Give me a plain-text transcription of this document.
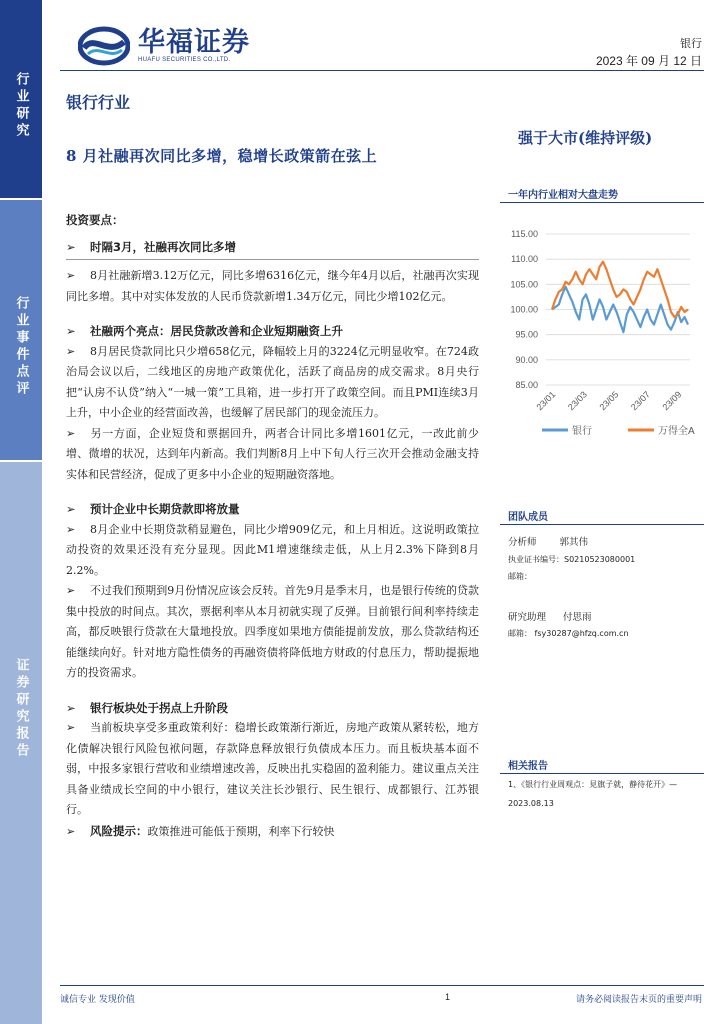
行业研究
行业事件点评
证券研究报告
华福证券
HUAFU SECURITIES CO.,LTD.
银行
2023 年 09 月 12 日
银行行业
8 月社融再次同比多增，稳增长政策箭在弦上
强于大市(维持评级)
投资要点：
➢ 时隔3月，社融再次同比多增
➢ 8月社融新增3.12万亿元，同比多增6316亿元，继今年4月以后，社融再次实现同比多增。其中对实体发放的人民币贷款新增1.34万亿元，同比少增102亿元。
➢ 社融两个亮点：居民贷款改善和企业短期融资上升
➢ 8月居民贷款同比只少增658亿元，降幅较上月的3224亿元明显收窄。在724政治局会议以后，二线地区的房地产政策优化，活跃了商品房的成交需求。8月央行把“认房不认贷”纳入“一城一策”工具箱，进一步打开了政策空间。而且PMI连续3月上升，中小企业的经营面改善，也缓解了居民部门的现金流压力。
➢ 另一方面，企业短贷和票据回升，两者合计同比多增1601亿元，一改此前少增、微增的状况，达到年内新高。我们判断8月上中下旬人行三次开会推动金融支持实体和民营经济，促成了更多中小企业的短期融资落地。
➢ 预计企业中长期贷款即将放量
➢ 8月企业中长期贷款稍显避色，同比少增909亿元，和上月相近。这说明政策拉动投资的效果还没有充分显现。因此M1增速继续走低，从上月2.3%下降到8月2.2%。
➢ 不过我们预期到9月份情况应该会反转。首先9月是季末月，也是银行传统的贷款集中投放的时间点。其次，票据利率从本月初就实现了反弹。目前银行间利率持续走高，都反映银行贷款在大量地投放。四季度如果地方债能提前发放，那么贷款结构还能继续向好。针对地方隐性债务的再融资债将降低地方财政的付息压力，帮助提振地方的投资需求。
➢ 银行板块处于拐点上升阶段
➢ 当前板块享受多重政策利好：稳增长政策渐行渐近，房地产政策从紧转松，地方化债解决银行风险包袱问题，存款降息释放银行负债成本压力。而且板块基本面不弱，中报多家银行营收和业绩增速改善，反映出扎实稳固的盈利能力。建议重点关注具备业绩成长空间的中小银行，建议关注长沙银行、民生银行、成都银行、江苏银行。
➢ 风险提示：政策推进可能低于预期，利率下行较快
一年内行业相对大盘走势
115.00
110.00
105.00
100.00
95.00
90.00
85.00
23/01 23/03 23/05 23/07 23/09
银行	万得全A
团队成员
分析师 郭其伟
执业证书编号：S0210523080001
邮箱：
研究助理 付思雨
邮箱： fsy30287@hfzq.com.cn
相关报告
1、《银行行业周观点：見旗子就，静待花开》—
2023.08.13
诚信专业 发现价值	1	请务必阅读报告末页的重要声明
